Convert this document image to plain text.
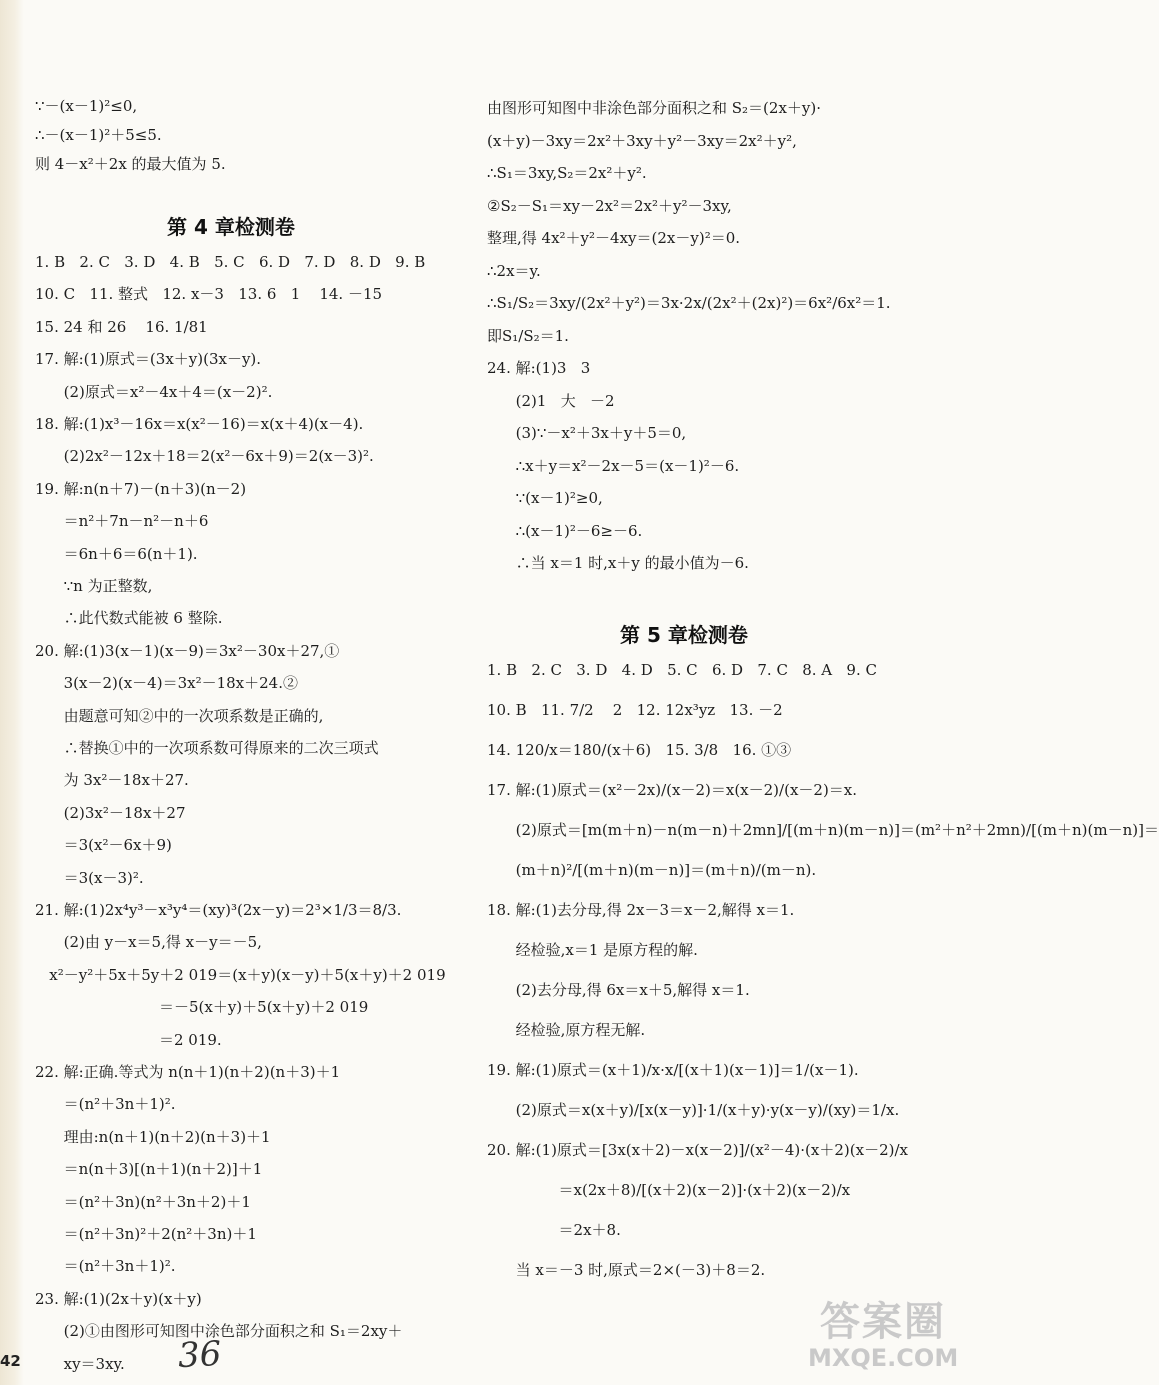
∵－(x－1)²≤0,
∴－(x－1)²＋5≤5.
则 4－x²＋2x 的最大值为 5.
第 4 章检测卷
1. B   2. C   3. D   4. B   5. C   6. D   7. D   8. D   9. B
10. C   11. 整式   12. x－3   13. 6   1    14. －15
15. 24 和 26    16. 1/81
17. 解:(1)原式＝(3x＋y)(3x－y).
(2)原式＝x²－4x＋4＝(x－2)².
18. 解:(1)x³－16x＝x(x²－16)＝x(x＋4)(x－4).
(2)2x²－12x＋18＝2(x²－6x＋9)＝2(x－3)².
19. 解:n(n＋7)－(n＋3)(n－2)
＝n²＋7n－n²－n＋6
＝6n＋6＝6(n＋1).
∵n 为正整数,
∴此代数式能被 6 整除.
20. 解:(1)3(x－1)(x－9)＝3x²－30x＋27,①
3(x－2)(x－4)＝3x²－18x＋24.②
由题意可知②中的一次项系数是正确的,
∴替换①中的一次项系数可得原来的二次三项式
为 3x²－18x＋27.
(2)3x²－18x＋27
＝3(x²－6x＋9)
＝3(x－3)².
21. 解:(1)2x⁴y³－x³y⁴＝(xy)³(2x－y)＝2³×1/3＝8/3.
(2)由 y－x＝5,得 x－y＝－5,
x²－y²＋5x＋5y＋2 019＝(x＋y)(x－y)＋5(x＋y)＋2 019
＝－5(x＋y)＋5(x＋y)＋2 019
＝2 019.
22. 解:正确.等式为 n(n＋1)(n＋2)(n＋3)＋1
＝(n²＋3n＋1)².
理由:n(n＋1)(n＋2)(n＋3)＋1
＝n(n＋3)[(n＋1)(n＋2)]＋1
＝(n²＋3n)(n²＋3n＋2)＋1
＝(n²＋3n)²＋2(n²＋3n)＋1
＝(n²＋3n＋1)².
23. 解:(1)(2x＋y)(x＋y)
(2)①由图形可知图中涂色部分面积之和 S₁＝2xy＋
xy＝3xy.
由图形可知图中非涂色部分面积之和 S₂＝(2x＋y)·
(x＋y)－3xy＝2x²＋3xy＋y²－3xy＝2x²＋y²,
∴S₁＝3xy,S₂＝2x²＋y².
②S₂－S₁＝xy－2x²＝2x²＋y²－3xy,
整理,得 4x²＋y²－4xy＝(2x－y)²＝0.
∴2x＝y.
∴S₁/S₂＝3xy/(2x²＋y²)＝3x·2x/(2x²＋(2x)²)＝6x²/6x²＝1.
即S₁/S₂＝1.
24. 解:(1)3   3
(2)1   大   －2
(3)∵－x²＋3x＋y＋5＝0,
∴x＋y＝x²－2x－5＝(x－1)²－6.
∵(x－1)²≥0,
∴(x－1)²－6≥－6.
∴当 x＝1 时,x＋y 的最小值为－6.
第 5 章检测卷
1. B   2. C   3. D   4. D   5. C   6. D   7. C   8. A   9. C
10. B   11. 7/2    2   12. 12x³yz   13. －2
14. 120/x＝180/(x＋6)   15. 3/8   16. ①③
17. 解:(1)原式＝(x²－2x)/(x－2)＝x(x－2)/(x－2)＝x.
(2)原式＝[m(m＋n)－n(m－n)＋2mn]/[(m＋n)(m－n)]＝(m²＋n²＋2mn)/[(m＋n)(m－n)]＝
(m＋n)²/[(m＋n)(m－n)]＝(m＋n)/(m－n).
18. 解:(1)去分母,得 2x－3＝x－2,解得 x＝1.
经检验,x＝1 是原方程的解.
(2)去分母,得 6x＝x＋5,解得 x＝1.
经检验,原方程无解.
19. 解:(1)原式＝(x＋1)/x·x/[(x＋1)(x－1)]＝1/(x－1).
(2)原式＝x(x＋y)/[x(x－y)]·1/(x＋y)·y(x－y)/(xy)＝1/x.
20. 解:(1)原式＝[3x(x＋2)－x(x－2)]/(x²－4)·(x＋2)(x－2)/x
＝x(2x＋8)/[(x＋2)(x－2)]·(x＋2)(x－2)/x
＝2x＋8.
当 x＝－3 时,原式＝2×(－3)＋8＝2.
42	36
答案圈
MXQE.COM
